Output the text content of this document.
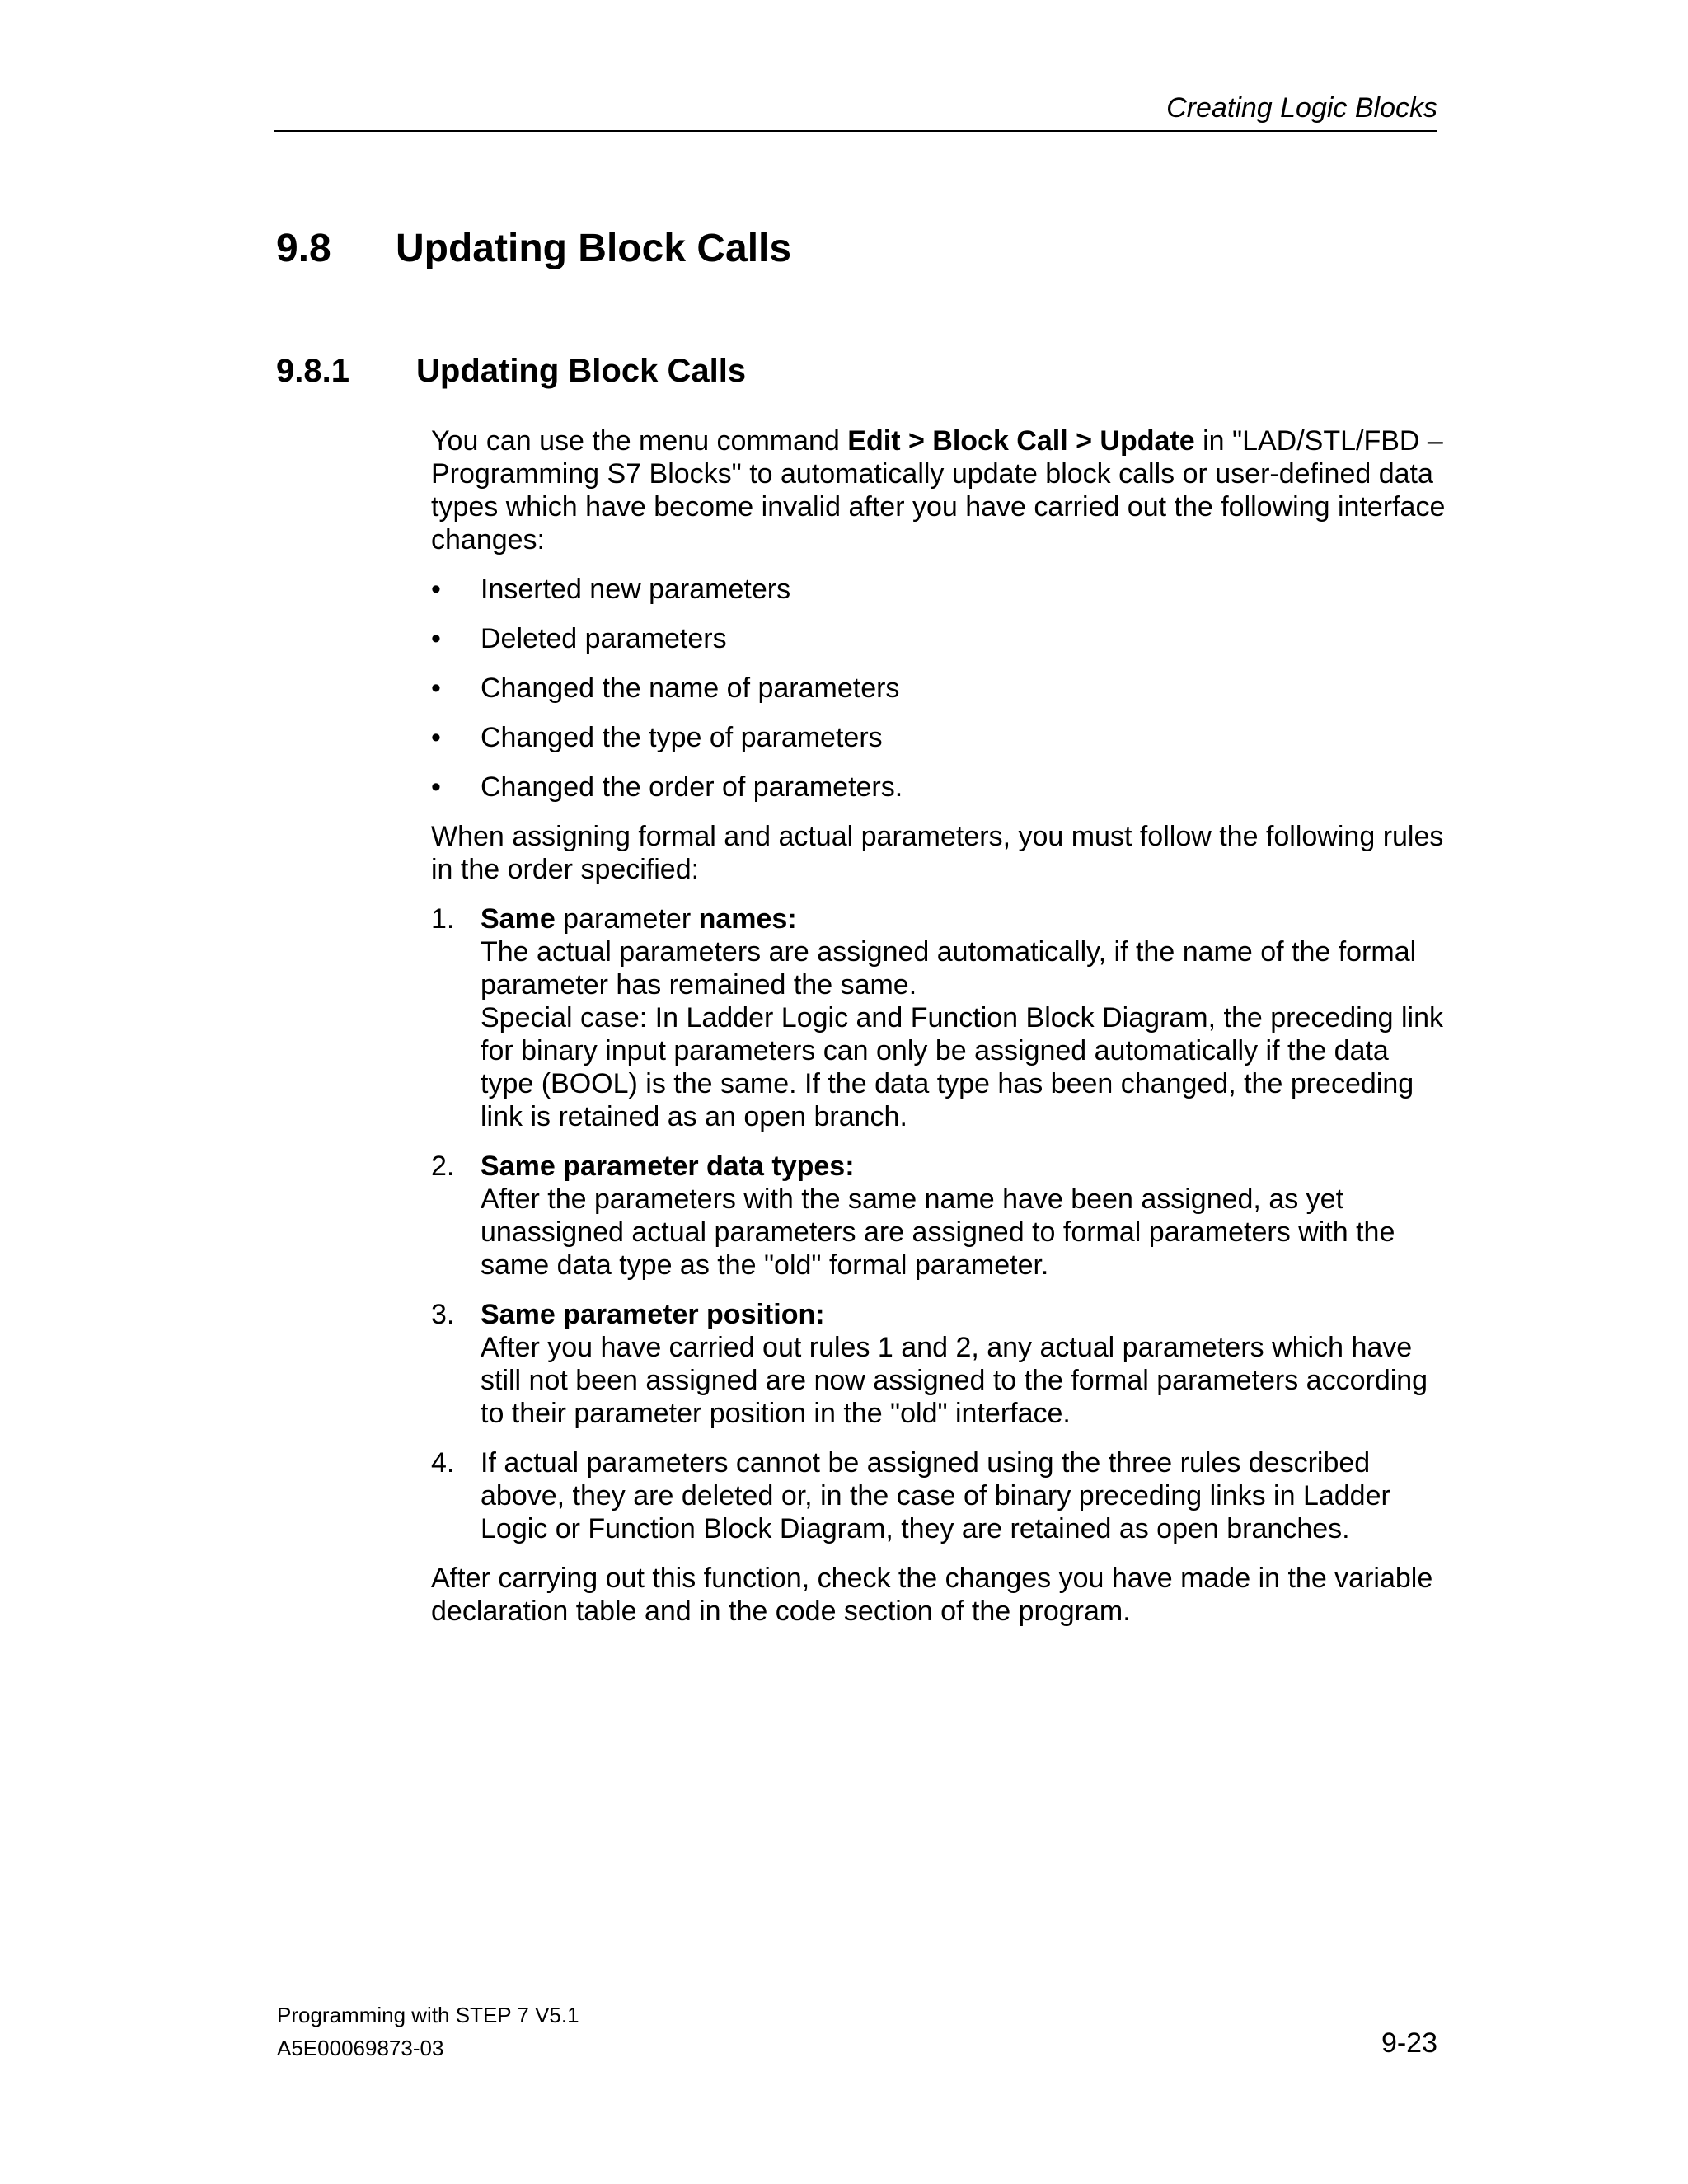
Creating Logic Blocks
9.8 Updating Block Calls
9.8.1 Updating Block Calls

You can use the menu command Edit > Block Call > Update in "LAD/STL/FBD – Programming S7 Blocks" to automatically update block calls or user-defined data types which have become invalid after you have carried out the following interface changes:

• Inserted new parameters
• Deleted parameters
• Changed the name of parameters
• Changed the type of parameters
• Changed the order of parameters.

When assigning formal and actual parameters, you must follow the following rules in the order specified:

1. Same parameter names:
The actual parameters are assigned automatically, if the name of the formal parameter has remained the same.
Special case: In Ladder Logic and Function Block Diagram, the preceding link for binary input parameters can only be assigned automatically if the data type (BOOL) is the same. If the data type has been changed, the preceding link is retained as an open branch.
2. Same parameter data types:
After the parameters with the same name have been assigned, as yet unassigned actual parameters are assigned to formal parameters with the same data type as the "old" formal parameter.
3. Same parameter position:
After you have carried out rules 1 and 2, any actual parameters which have still not been assigned are now assigned to the formal parameters according to their parameter position in the "old" interface.
4. If actual parameters cannot be assigned using the three rules described above, they are deleted or, in the case of binary preceding links in Ladder Logic or Function Block Diagram, they are retained as open branches.

After carrying out this function, check the changes you have made in the variable declaration table and in the code section of the program.

Programming with STEP 7 V5.1
A5E00069873-03	9-23
